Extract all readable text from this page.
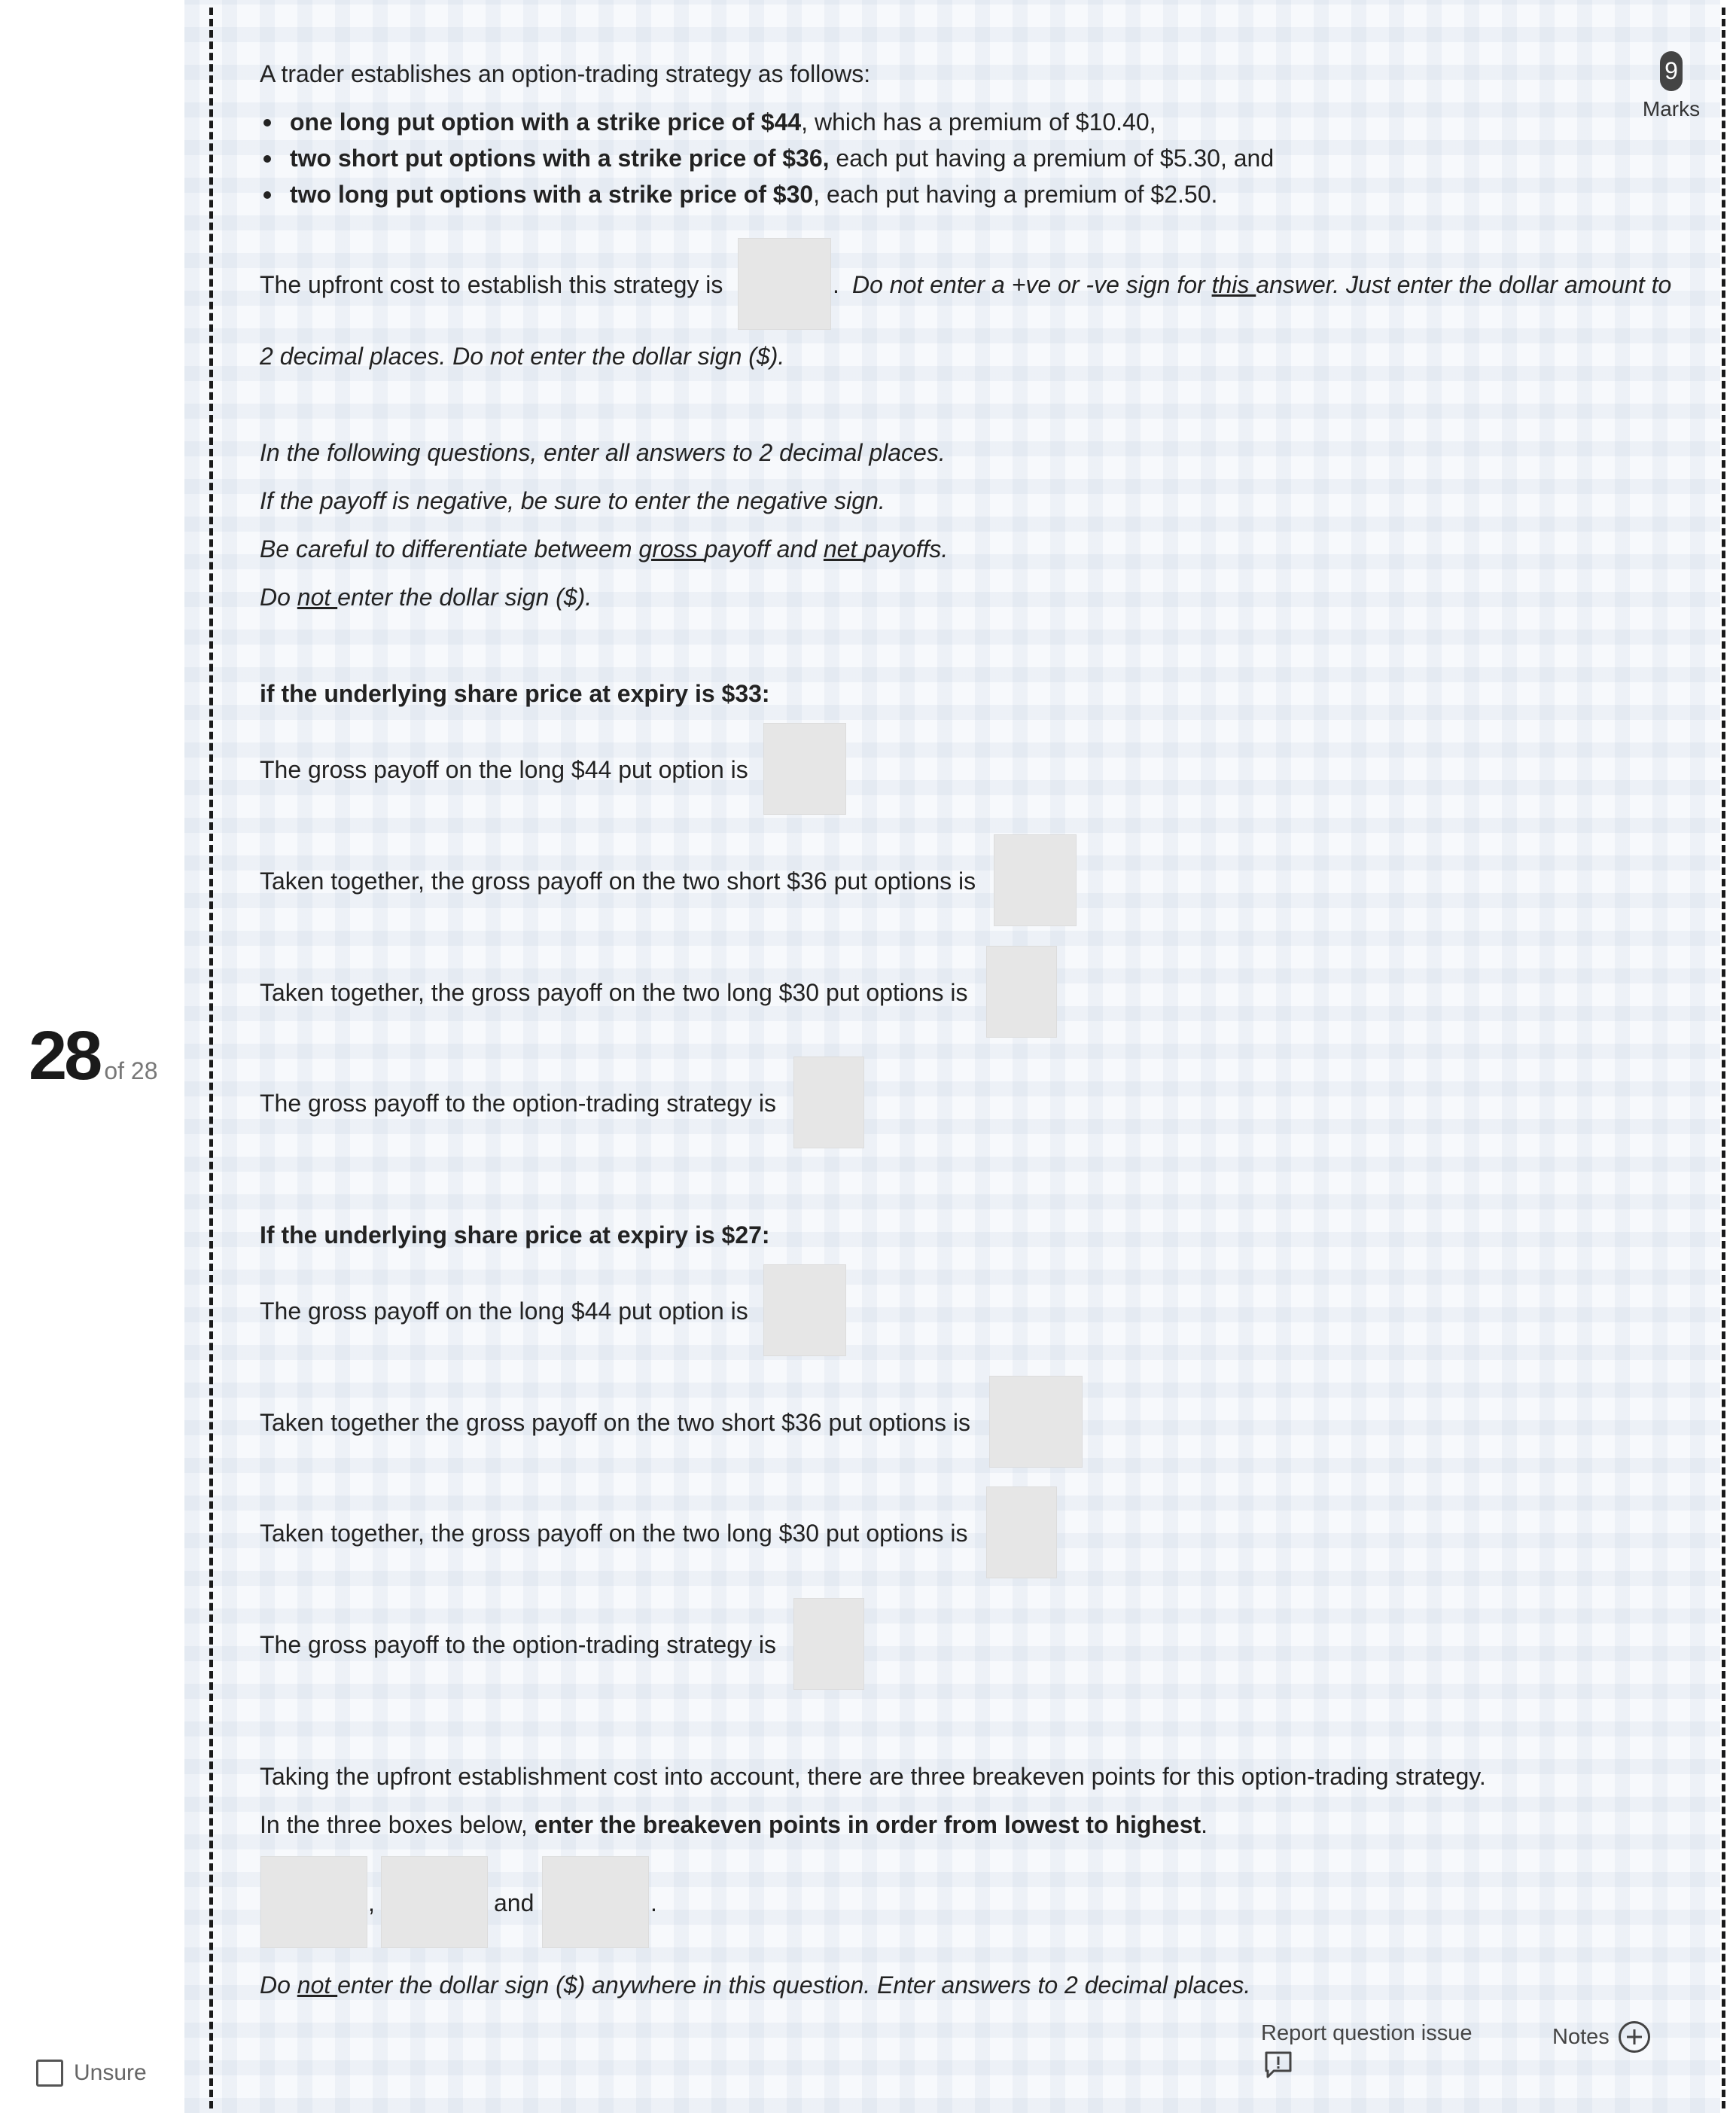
28 of 28
Unsure
9
Marks
A trader establishes an option-trading strategy as follows:
one long put option with a strike price of $44, which has a premium of $10.40,
two short put options with a strike price of $36, each put having a premium of $5.30, and
two long put options with a strike price of $30, each put having a premium of $2.50.
The upfront cost to establish this strategy is	. Do not enter a +ve or -ve sign for this answer. Just enter the dollar amount to
2 decimal places. Do not enter the dollar sign ($).
In the following questions, enter all answers to 2 decimal places.
If the payoff is negative, be sure to enter the negative sign.
Be careful to differentiate betweem gross payoff and net payoffs.
Do not enter the dollar sign ($).
if the underlying share price at expiry is $33:
The gross payoff on the long $44 put option is
Taken together, the gross payoff on the two short $36 put options is
Taken together, the gross payoff on the two long $30 put options is
The gross payoff to the option-trading strategy is
If the underlying share price at expiry is $27:
The gross payoff on the long $44 put option is
Taken together the gross payoff on the two short $36 put options is
Taken together, the gross payoff on the two long $30 put options is
The gross payoff to the option-trading strategy is
Taking the upfront establishment cost into account, there are three breakeven points for this option-trading strategy.
In the three boxes below, enter the breakeven points in order from lowest to highest.
,	and	.
Do not enter the dollar sign ($) anywhere in this question. Enter answers to 2 decimal places.
Report question issue	Notes
